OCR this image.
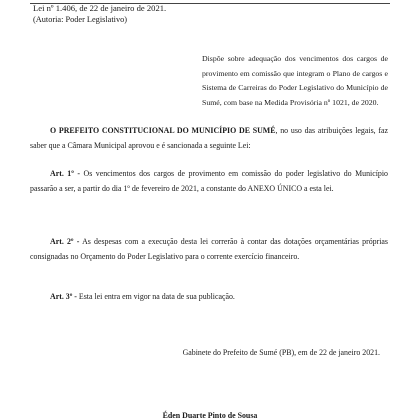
Lei nº 1.406, de 22 de janeiro de 2021.
(Autoria: Poder Legislativo)

Dispõe sobre adequação dos vencimentos dos cargos de provimento em comissão que integram o Plano de cargos e Sistema de Carreiras do Poder Legislativo do Município de Sumé, com base na Medida Provisória nº 1021, de 2020.

O PREFEITO CONSTITUCIONAL DO MUNICÍPIO DE SUMÉ, no uso das atribuições legais, faz saber que a Câmara Municipal aprovou e é sancionada a seguinte Lei:

Art. 1º - Os vencimentos dos cargos de provimento em comissão do poder legislativo do Município passarão a ser, a partir do dia 1º de fevereiro de 2021, a constante do ANEXO ÚNICO a esta lei.

Art. 2º - As despesas com a execução desta lei correrão à contar das dotações orçamentárias próprias consignadas no Orçamento do Poder Legislativo para o corrente exercício financeiro.

Art. 3º - Esta lei entra em vigor na data de sua publicação.

Gabinete do Prefeito de Sumé (PB), em de 22 de janeiro 2021.
Éden Duarte Pinto de Sousa
